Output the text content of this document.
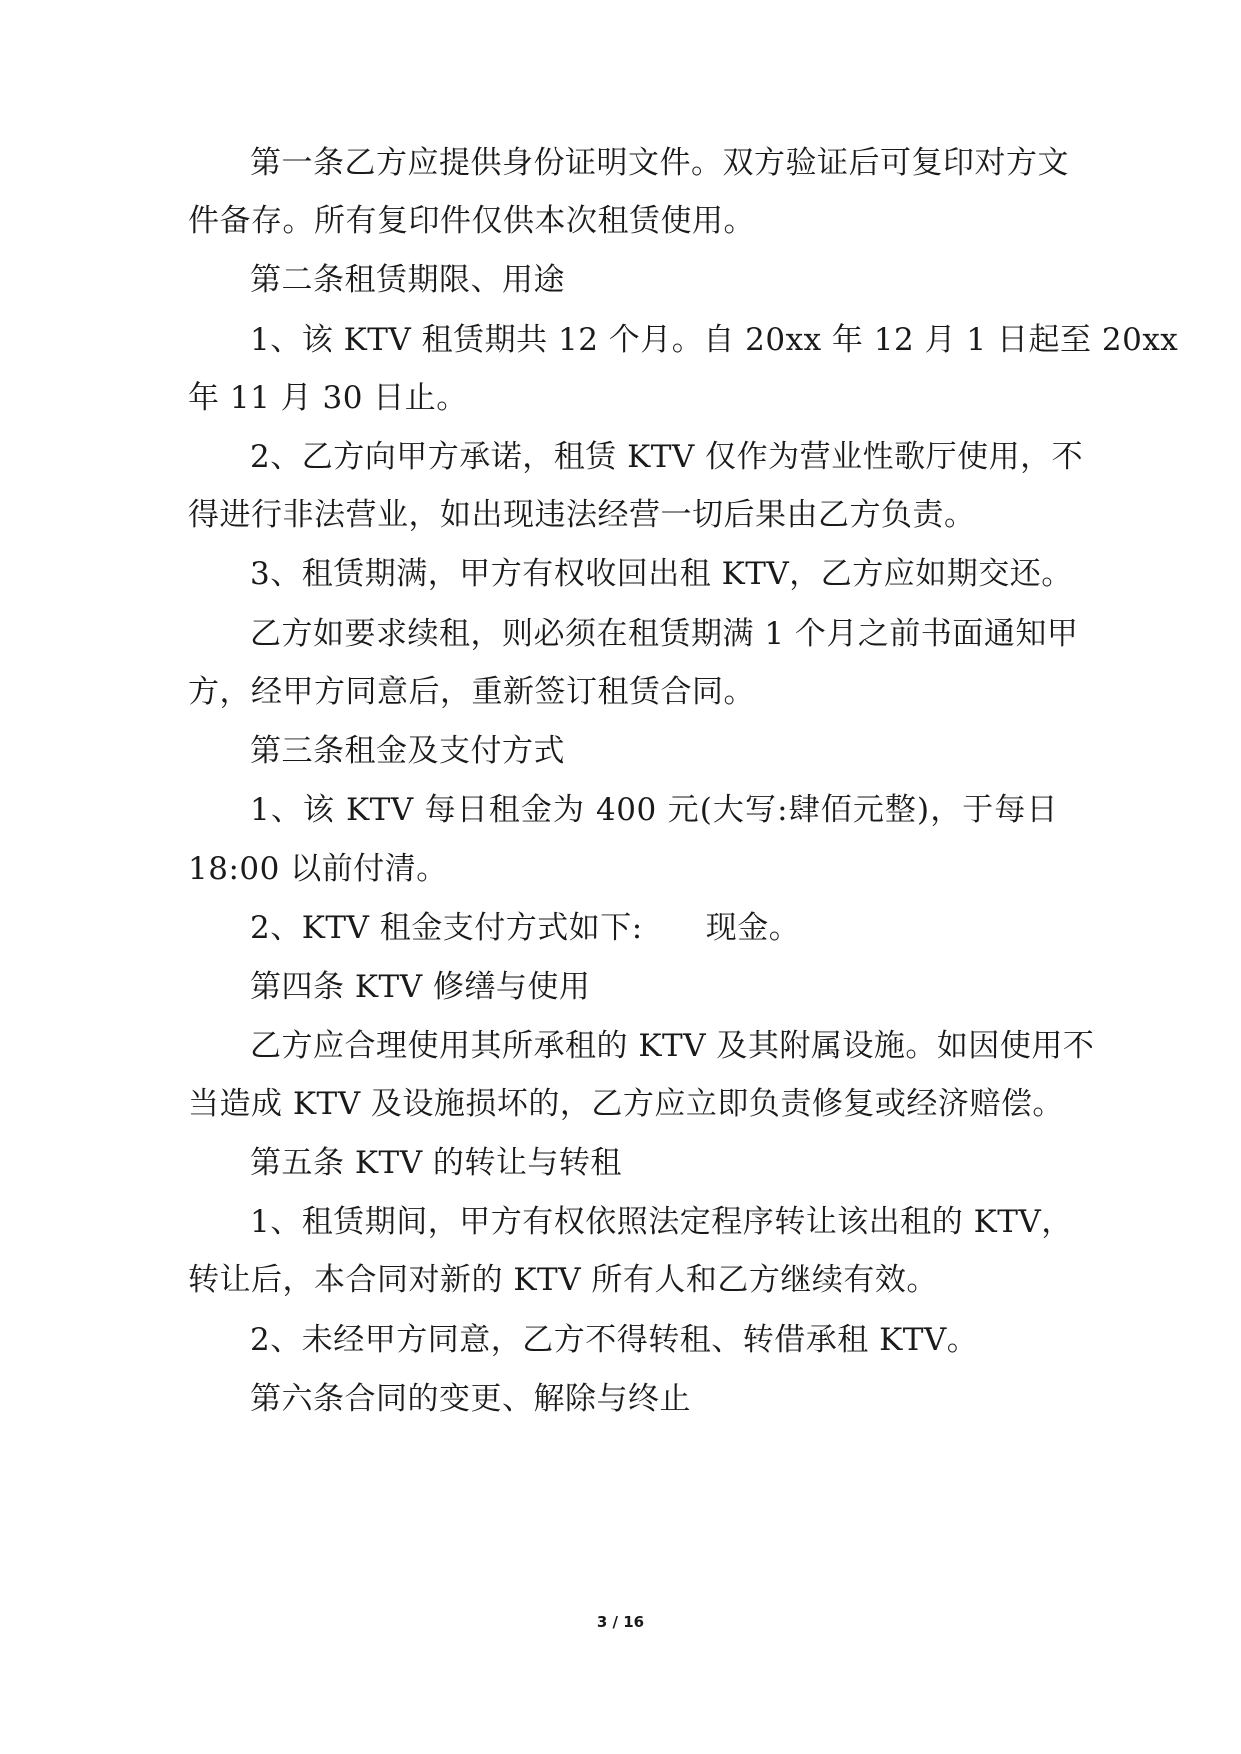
第一条乙方应提供身份证明文件。双方验证后可复印对方文
件备存。所有复印件仅供本次租赁使用。
第二条租赁期限、用途
1、该 KTV 租赁期共 12 个月。自 20xx 年 12 月 1 日起至 20xx
年 11 月 30 日止。
2、乙方向甲方承诺，租赁 KTV 仅作为营业性歌厅使用，不
得进行非法营业，如出现违法经营一切后果由乙方负责。
3、租赁期满，甲方有权收回出租 KTV，乙方应如期交还。
乙方如要求续租，则必须在租赁期满 1 个月之前书面通知甲
方，经甲方同意后，重新签订租赁合同。
第三条租金及支付方式
1、该 KTV 每日租金为 400 元(大写:肆佰元整)，于每日
18:00 以前付清。
2、KTV 租金支付方式如下:　　现金。
第四条 KTV 修缮与使用
乙方应合理使用其所承租的 KTV 及其附属设施。如因使用不
当造成 KTV 及设施损坏的，乙方应立即负责修复或经济赔偿。
第五条 KTV 的转让与转租
1、租赁期间，甲方有权依照法定程序转让该出租的 KTV，
转让后，本合同对新的 KTV 所有人和乙方继续有效。
2、未经甲方同意，乙方不得转租、转借承租 KTV。
第六条合同的变更、解除与终止
3 / 16
